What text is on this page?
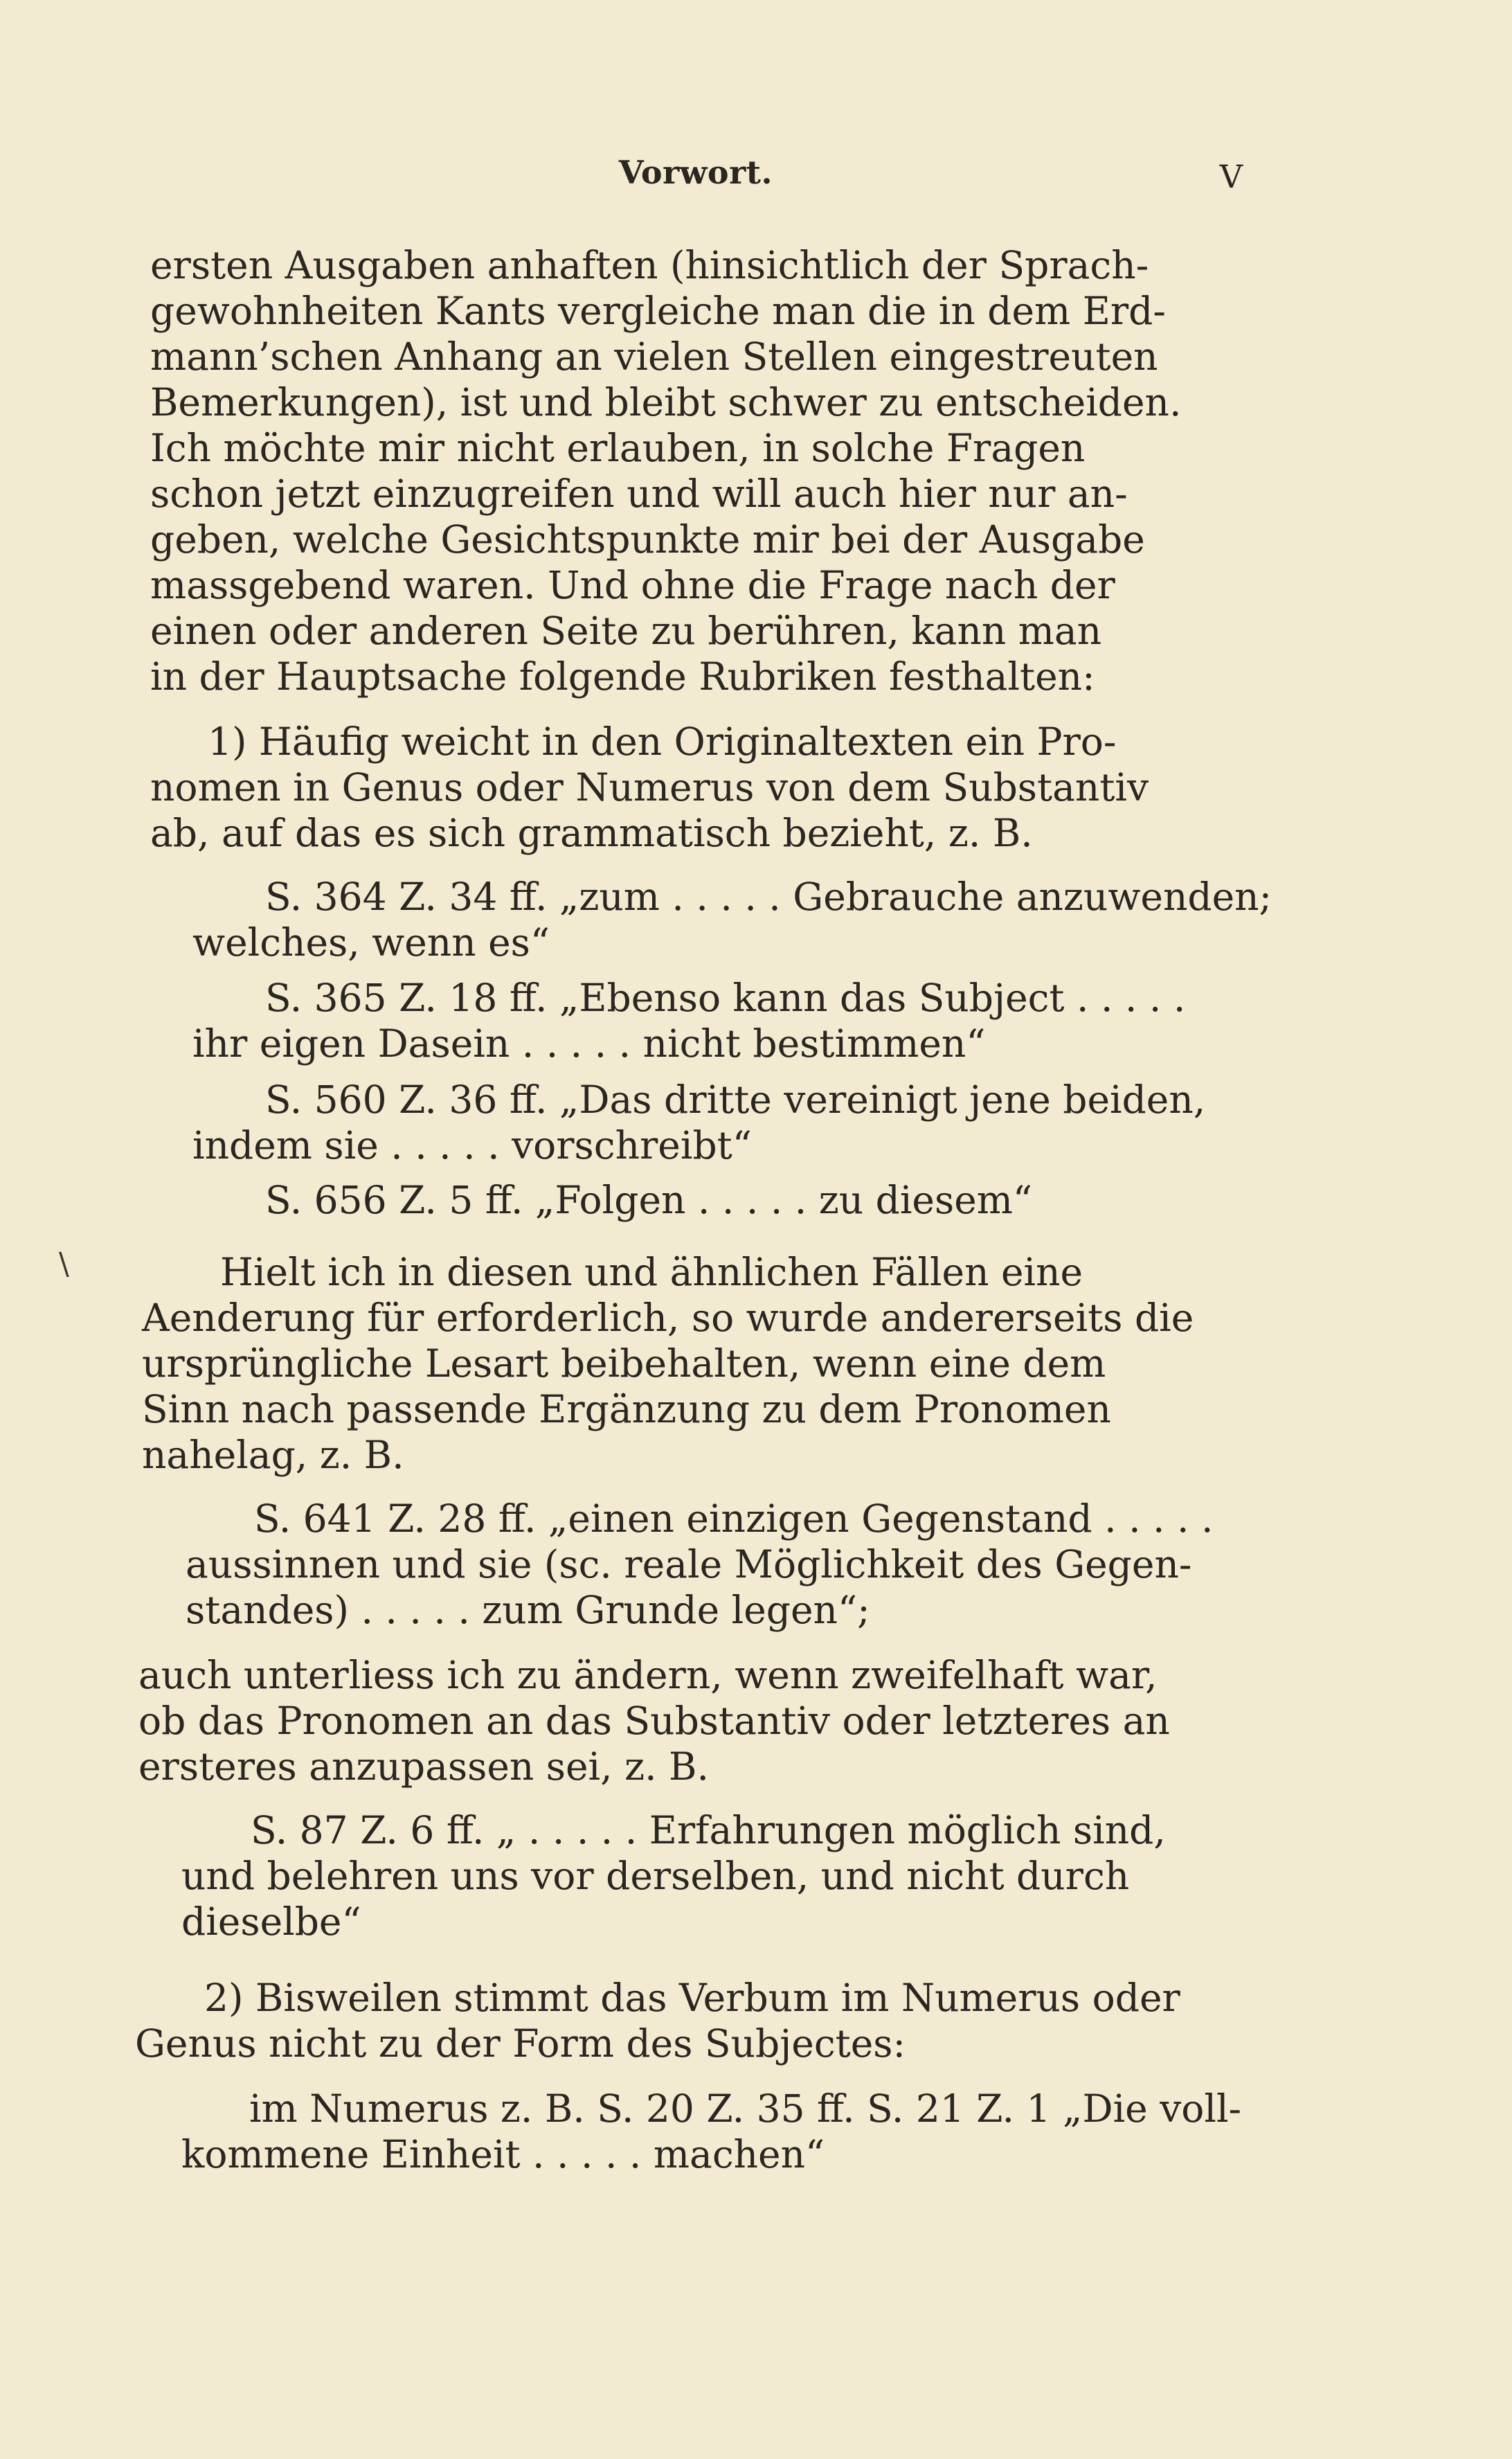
Vorwort.	V
\
ersten Ausgaben anhaften (hinsichtlich der Sprach-
gewohnheiten Kants vergleiche man die in dem Erd-
mann’schen Anhang an vielen Stellen eingestreuten
Bemerkungen), ist und bleibt schwer zu entscheiden.
Ich möchte mir nicht erlauben, in solche Fragen
schon jetzt einzugreifen und will auch hier nur an-
geben, welche Gesichtspunkte mir bei der Ausgabe
massgebend waren. Und ohne die Frage nach der
einen oder anderen Seite zu berühren, kann man
in der Hauptsache folgende Rubriken festhalten:
1) Häufig weicht in den Originaltexten ein Pro-
nomen in Genus oder Numerus von dem Substantiv
ab, auf das es sich grammatisch bezieht, z. B.
S. 364 Z. 34 ff. „zum . . . . . Gebrauche anzuwenden;
welches, wenn es“
S. 365 Z. 18 ff. „Ebenso kann das Subject . . . . .
ihr eigen Dasein . . . . . nicht bestimmen“
S. 560 Z. 36 ff. „Das dritte vereinigt jene beiden,
indem sie . . . . . vorschreibt“
S. 656 Z. 5 ff. „Folgen . . . . . zu diesem“
Hielt ich in diesen und ähnlichen Fällen eine
Aenderung für erforderlich, so wurde andererseits die
ursprüngliche Lesart beibehalten, wenn eine dem
Sinn nach passende Ergänzung zu dem Pronomen
nahelag, z. B.
S. 641 Z. 28 ff. „einen einzigen Gegenstand . . . . .
aussinnen und sie (sc. reale Möglichkeit des Gegen-
standes) . . . . . zum Grunde legen“;
auch unterliess ich zu ändern, wenn zweifelhaft war,
ob das Pronomen an das Substantiv oder letzteres an
ersteres anzupassen sei, z. B.
S. 87 Z. 6 ff. „ . . . . . Erfahrungen möglich sind,
und belehren uns vor derselben, und nicht durch
dieselbe“
2) Bisweilen stimmt das Verbum im Numerus oder
Genus nicht zu der Form des Subjectes:
im Numerus z. B. S. 20 Z. 35 ff. S. 21 Z. 1 „Die voll-
kommene Einheit . . . . . machen“
